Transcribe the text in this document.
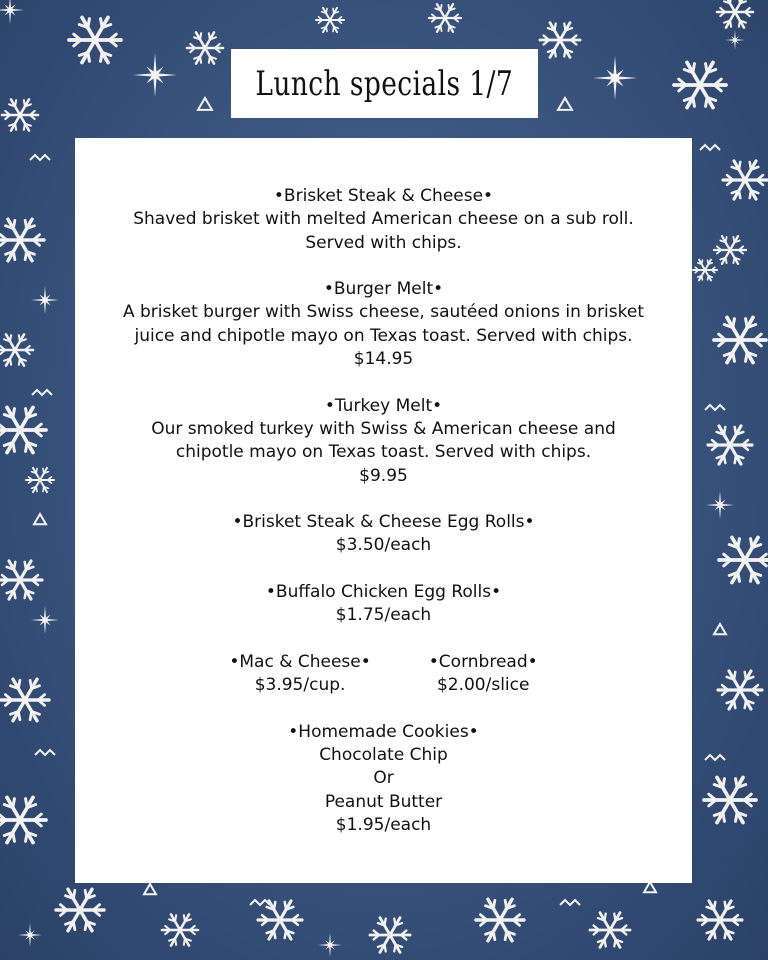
Lunch specials 1/7

•Brisket Steak & Cheese•

Shaved brisket with melted American cheese on a sub roll.

Served with chips.

•Burger Melt•

A brisket burger with Swiss cheese, sautéed onions in brisket

juice and chipotle mayo on Texas toast. Served with chips.

$14.95

•Turkey Melt•

Our smoked turkey with Swiss & American cheese and

chipotle mayo on Texas toast. Served with chips.

$9.95

•Brisket Steak & Cheese Egg Rolls•

$3.50/each

•Buffalo Chicken Egg Rolls•

$1.75/each

•Mac & Cheese•

$3.95/cup.

•Cornbread•

$2.00/slice

•Homemade Cookies•

Chocolate Chip

Or

Peanut Butter

$1.95/each
